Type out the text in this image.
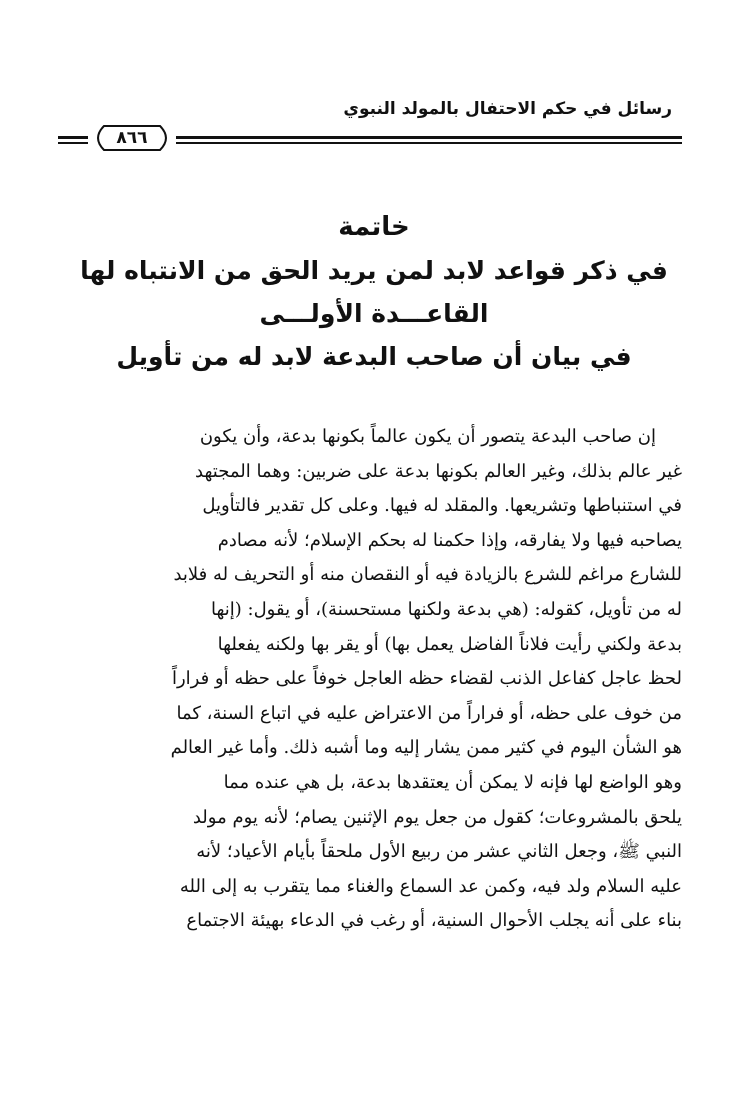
رسائل في حكم الاحتفال بالمولد النبوي
٨٦٦
خاتمة
في ذكر قواعد لابد لمن يريد الحق من الانتباه لها
القاعـــدة الأولـــى
في بيان أن صاحب البدعة لابد له من تأويل
إن صاحب البدعة يتصور أن يكون عالماً بكونها بدعة، وأن يكون
غير عالم بذلك، وغير العالم بكونها بدعة على ضربين: وهما المجتهد
في استنباطها وتشريعها. والمقلد له فيها. وعلى كل تقدير فالتأويل
يصاحبه فيها ولا يفارقه، وإذا حكمنا له بحكم الإسلام؛ لأنه مصادم
للشارع مراغم للشرع بالزيادة فيه أو النقصان منه أو التحريف له فلابد
له من تأويل، كقوله: (هي بدعة ولكنها مستحسنة)، أو يقول: (إنها
بدعة ولكني رأيت فلاناً الفاضل يعمل بها) أو يقر بها ولكنه يفعلها
لحظ عاجل كفاعل الذنب لقضاء حظه العاجل خوفاً على حظه أو فراراً
من خوف على حظه، أو فراراً من الاعتراض عليه في اتباع السنة، كما
هو الشأن اليوم في كثير ممن يشار إليه وما أشبه ذلك. وأما غير العالم
وهو الواضع لها فإنه لا يمكن أن يعتقدها بدعة، بل هي عنده مما
يلحق بالمشروعات؛ كقول من جعل يوم الإثنين يصام؛ لأنه يوم مولد
النبي ﷺ، وجعل الثاني عشر من ربيع الأول ملحقاً بأيام الأعياد؛ لأنه
عليه السلام ولد فيه، وكمن عد السماع والغناء مما يتقرب به إلى الله
بناء على أنه يجلب الأحوال السنية، أو رغب في الدعاء بهيئة الاجتماع
